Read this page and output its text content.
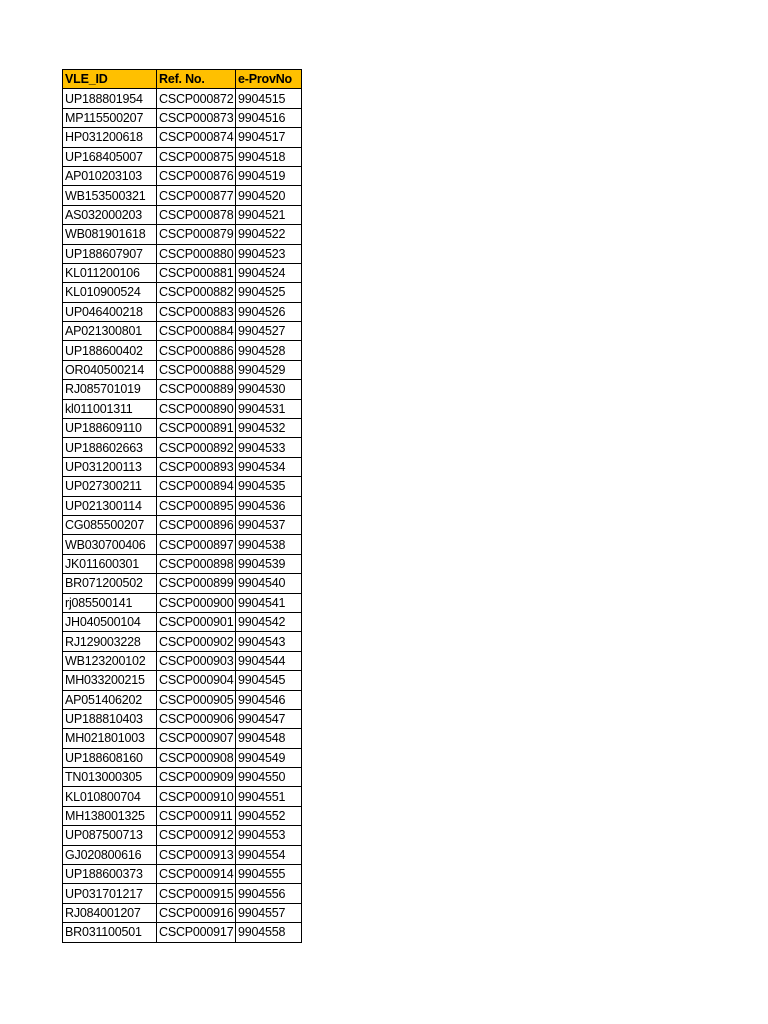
VLE_ID	Ref. No.	e-ProvNo
UP188801954	CSCP000872	9904515
MP115500207	CSCP000873	9904516
HP031200618	CSCP000874	9904517
UP168405007	CSCP000875	9904518
AP010203103	CSCP000876	9904519
WB153500321	CSCP000877	9904520
AS032000203	CSCP000878	9904521
WB081901618	CSCP000879	9904522
UP188607907	CSCP000880	9904523
KL011200106	CSCP000881	9904524
KL010900524	CSCP000882	9904525
UP046400218	CSCP000883	9904526
AP021300801	CSCP000884	9904527
UP188600402	CSCP000886	9904528
OR040500214	CSCP000888	9904529
RJ085701019	CSCP000889	9904530
kl011001311	CSCP000890	9904531
UP188609110	CSCP000891	9904532
UP188602663	CSCP000892	9904533
UP031200113	CSCP000893	9904534
UP027300211	CSCP000894	9904535
UP021300114	CSCP000895	9904536
CG085500207	CSCP000896	9904537
WB030700406	CSCP000897	9904538
JK011600301	CSCP000898	9904539
BR071200502	CSCP000899	9904540
rj085500141	CSCP000900	9904541
JH040500104	CSCP000901	9904542
RJ129003228	CSCP000902	9904543
WB123200102	CSCP000903	9904544
MH033200215	CSCP000904	9904545
AP051406202	CSCP000905	9904546
UP188810403	CSCP000906	9904547
MH021801003	CSCP000907	9904548
UP188608160	CSCP000908	9904549
TN013000305	CSCP000909	9904550
KL010800704	CSCP000910	9904551
MH138001325	CSCP000911	9904552
UP087500713	CSCP000912	9904553
GJ020800616	CSCP000913	9904554
UP188600373	CSCP000914	9904555
UP031701217	CSCP000915	9904556
RJ084001207	CSCP000916	9904557
BR031100501	CSCP000917	9904558
